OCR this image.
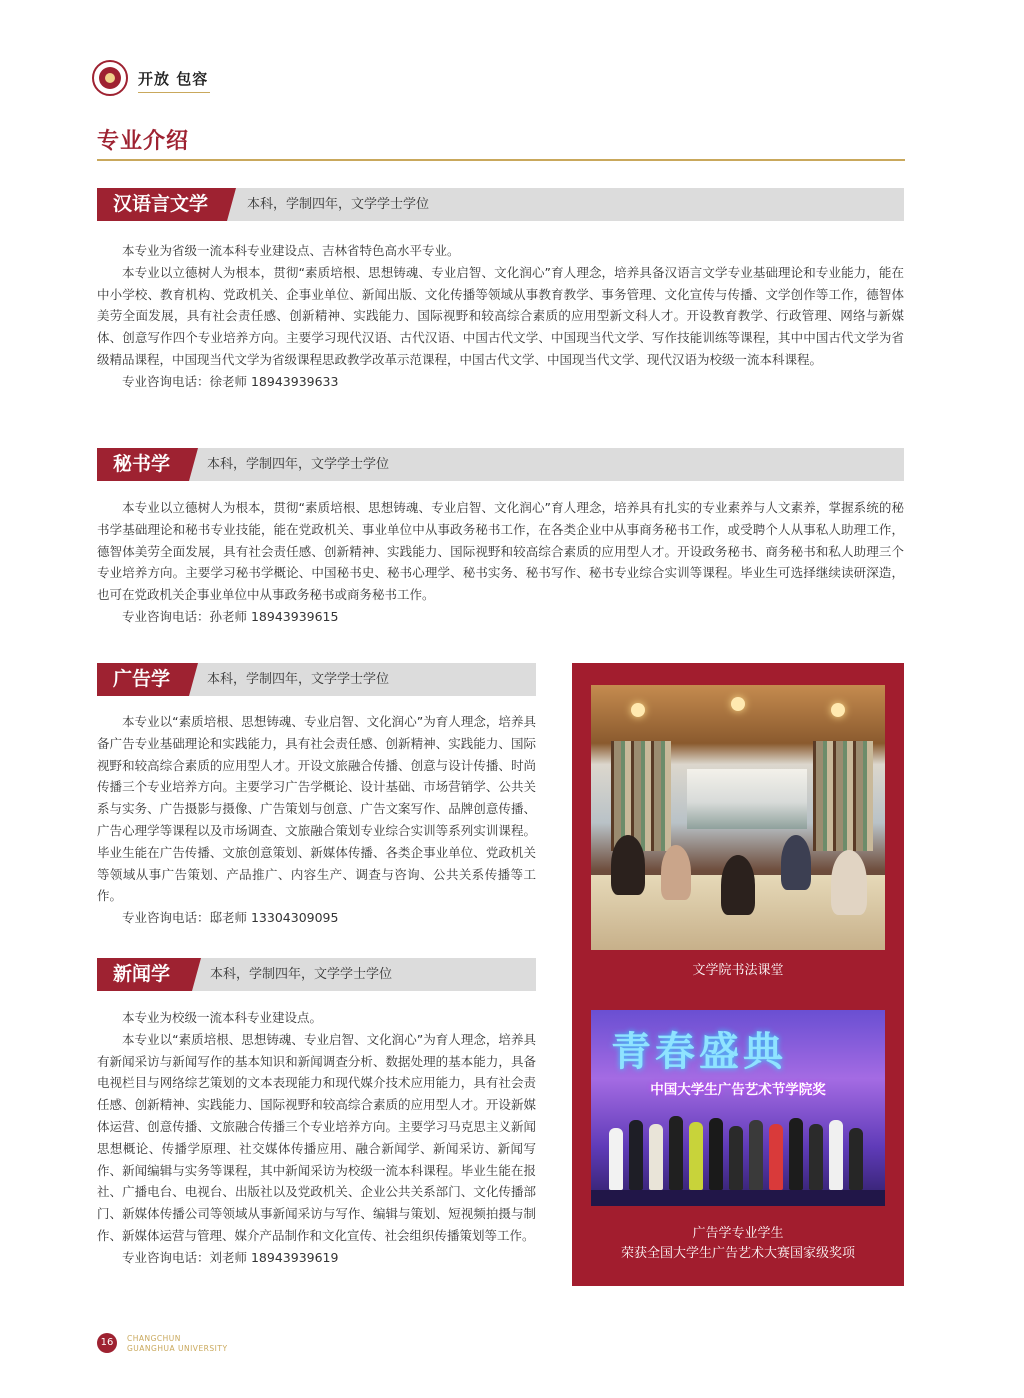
开放 包容
专业介绍
汉语言文学	本科，学制四年，文学学士学位

本专业为省级一流本科专业建设点、吉林省特色高水平专业。

本专业以立德树人为根本，贯彻“素质培根、思想铸魂、专业启智、文化润心”育人理念，培养具备汉语言文学专业基础理论和专业能力，能在中小学校、教育机构、党政机关、企事业单位、新闻出版、文化传播等领域从事教育教学、事务管理、文化宣传与传播、文学创作等工作，德智体美劳全面发展，具有社会责任感、创新精神、实践能力、国际视野和较高综合素质的应用型新文科人才。开设教育教学、行政管理、网络与新媒体、创意写作四个专业培养方向。主要学习现代汉语、古代汉语、中国古代文学、中国现当代文学、写作技能训练等课程，其中中国古代文学为省级精品课程，中国现当代文学为省级课程思政教学改革示范课程，中国古代文学、中国现当代文学、现代汉语为校级一流本科课程。

专业咨询电话：徐老师 18943939633

秘书学	本科，学制四年，文学学士学位

本专业以立德树人为根本，贯彻“素质培根、思想铸魂、专业启智、文化润心”育人理念，培养具有扎实的专业素养与人文素养，掌握系统的秘书学基础理论和秘书专业技能，能在党政机关、事业单位中从事政务秘书工作，在各类企业中从事商务秘书工作，或受聘个人从事私人助理工作，德智体美劳全面发展，具有社会责任感、创新精神、实践能力、国际视野和较高综合素质的应用型人才。开设政务秘书、商务秘书和私人助理三个专业培养方向。主要学习秘书学概论、中国秘书史、秘书心理学、秘书实务、秘书写作、秘书专业综合实训等课程。毕业生可选择继续读研深造，也可在党政机关企事业单位中从事政务秘书或商务秘书工作。

专业咨询电话：孙老师 18943939615

广告学	本科，学制四年，文学学士学位

本专业以“素质培根、思想铸魂、专业启智、文化润心”为育人理念，培养具备广告专业基础理论和实践能力，具有社会责任感、创新精神、实践能力、国际视野和较高综合素质的应用型人才。开设文旅融合传播、创意与设计传播、时尚传播三个专业培养方向。主要学习广告学概论、设计基础、市场营销学、公共关系与实务、广告摄影与摄像、广告策划与创意、广告文案写作、品牌创意传播、广告心理学等课程以及市场调查、文旅融合策划专业综合实训等系列实训课程。毕业生能在广告传播、文旅创意策划、新媒体传播、各类企事业单位、党政机关等领域从事广告策划、产品推广、内容生产、调查与咨询、公共关系传播等工作。

专业咨询电话：邸老师 13304309095

新闻学	本科，学制四年，文学学士学位

本专业为校级一流本科专业建设点。

本专业以“素质培根、思想铸魂、专业启智、文化润心”为育人理念，培养具有新闻采访与新闻写作的基本知识和新闻调查分析、数据处理的基本能力，具备电视栏目与网络综艺策划的文本表现能力和现代媒介技术应用能力，具有社会责任感、创新精神、实践能力、国际视野和较高综合素质的应用型人才。开设新媒体运营、创意传播、文旅融合传播三个专业培养方向。主要学习马克思主义新闻思想概论、传播学原理、社交媒体传播应用、融合新闻学、新闻采访、新闻写作、新闻编辑与实务等课程，其中新闻采访为校级一流本科课程。毕业生能在报社、广播电台、电视台、出版社以及党政机关、企业公共关系部门、文化传播部门、新媒体传播公司等领域从事新闻采访与写作、编辑与策划、短视频拍摄与制作、新媒体运营与管理、媒介产品制作和文化宣传、社会组织传播策划等工作。

专业咨询电话：刘老师 18943939619

文学院书法课堂
青春盛典
中国大学生广告艺术节学院奖
广告学专业学生
荣获全国大学生广告艺术大赛国家级奖项
16	CHANGCHUN
GUANGHUA UNIVERSITY
